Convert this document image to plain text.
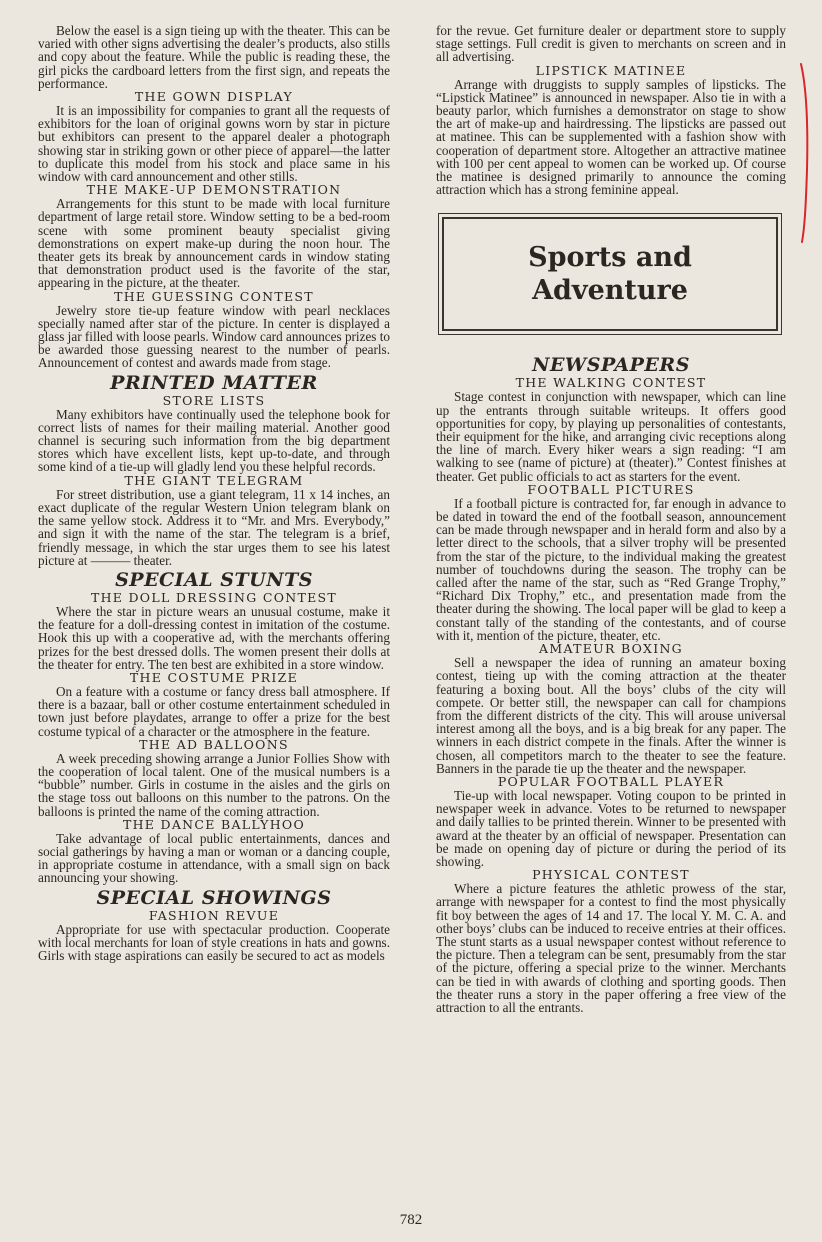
Below the easel is a sign tieing up with the theater. This can be varied with other signs advertising the dealer’s products, also stills and copy about the feature. While the public is reading these, the girl picks the cardboard letters from the first sign, and repeats the performance.

THE GOWN DISPLAY

It is an impossibility for companies to grant all the requests of exhibitors for the loan of original gowns worn by star in picture but exhibitors can present to the apparel dealer a photograph showing star in striking gown or other piece of apparel—the latter to duplicate this model from his stock and place same in his window with card announcement and other stills.

THE MAKE-UP DEMONSTRATION

Arrangements for this stunt to be made with local furniture department of large retail store. Window setting to be a bed-room scene with some prominent beauty specialist giving demonstrations on expert make-up during the noon hour. The theater gets its break by announcement cards in window stating that demonstration product used is the favorite of the star, appearing in the picture, at the theater.

THE GUESSING CONTEST

Jewelry store tie-up feature window with pearl necklaces specially named after star of the picture. In center is displayed a glass jar filled with loose pearls. Window card announces prizes to be awarded those guessing nearest to the number of pearls. Announcement of contest and awards made from stage.

PRINTED MATTER
STORE LISTS

Many exhibitors have continually used the telephone book for correct lists of names for their mailing material. Another good channel is securing such information from the big department stores which have excellent lists, kept up-to-date, and through some kind of a tie-up will gladly lend you these helpful records.

THE GIANT TELEGRAM

For street distribution, use a giant telegram, 11 x 14 inches, an exact duplicate of the regular Western Union telegram blank on the same yellow stock. Address it to “Mr. and Mrs. Everybody,” and sign it with the name of the star. The telegram is a brief, friendly message, in which the star urges them to see his latest picture at ——— theater.

SPECIAL STUNTS
THE DOLL DRESSING CONTEST

Where the star in picture wears an unusual costume, make it the feature for a doll-dressing contest in imitation of the costume. Hook this up with a cooperative ad, with the merchants offering prizes for the best dressed dolls. The women present their dolls at the theater for entry. The ten best are exhibited in a store window.

THE COSTUME PRIZE

On a feature with a costume or fancy dress ball atmosphere. If there is a bazaar, ball or other costume entertainment scheduled in town just before playdates, arrange to offer a prize for the best costume typical of a character or the atmosphere in the feature.

THE AD BALLOONS

A week preceding showing arrange a Junior Follies Show with the cooperation of local talent. One of the musical numbers is a “bubble” number. Girls in costume in the aisles and the girls on the stage toss out balloons on this number to the patrons. On the balloons is printed the name of the coming attraction.

THE DANCE BALLYHOO

Take advantage of local public entertainments, dances and social gatherings by having a man or woman or a dancing couple, in appropriate costume in attendance, with a small sign on back announcing your showing.

SPECIAL SHOWINGS
FASHION REVUE

Appropriate for use with spectacular production. Cooperate with local merchants for loan of style creations in hats and gowns. Girls with stage aspirations can easily be secured to act as models

for the revue. Get furniture dealer or department store to supply stage settings. Full credit is given to merchants on screen and in all advertising.

LIPSTICK MATINEE

Arrange with druggists to supply samples of lipsticks. The “Lipstick Matinee” is announced in newspaper. Also tie in with a beauty parlor, which furnishes a demonstrator on stage to show the art of make-up and hairdressing. The lipsticks are passed out at matinee. This can be supplemented with a fashion show with cooperation of department store. Altogether an attractive matinee with 100 per cent appeal to women can be worked up. Of course the matinee is designed primarily to announce the coming attraction which has a strong feminine appeal.

Sports and
Adventure
NEWSPAPERS
THE WALKING CONTEST

Stage contest in conjunction with newspaper, which can line up the entrants through suitable writeups. It offers good opportunities for copy, by playing up personalities of contestants, their equipment for the hike, and arranging civic receptions along the line of march. Every hiker wears a sign reading: “I am walking to see (name of picture) at (theater).” Contest finishes at theater. Get public officials to act as starters for the event.

FOOTBALL PICTURES

If a football picture is contracted for, far enough in advance to be dated in toward the end of the football season, announcement can be made through newspaper and in herald form and also by a letter direct to the schools, that a silver trophy will be presented from the star of the picture, to the individual making the greatest number of touchdowns during the season. The trophy can be called after the name of the star, such as “Red Grange Trophy,” “Richard Dix Trophy,” etc., and presentation made from the theater during the showing. The local paper will be glad to keep a constant tally of the standing of the contestants, and of course with it, mention of the picture, theater, etc.

AMATEUR BOXING

Sell a newspaper the idea of running an amateur boxing contest, tieing up with the coming attraction at the theater featuring a boxing bout. All the boys’ clubs of the city will compete. Or better still, the newspaper can call for champions from the different districts of the city. This will arouse universal interest among all the boys, and is a big break for any paper. The winners in each district compete in the finals. After the winner is chosen, all competitors march to the theater to see the feature. Banners in the parade tie up the theater and the newspaper.

POPULAR FOOTBALL PLAYER

Tie-up with local newspaper. Voting coupon to be printed in newspaper week in advance. Votes to be returned to newspaper and daily tallies to be printed therein. Winner to be presented with award at the theater by an official of newspaper. Presentation can be made on opening day of picture or during the period of its showing.

PHYSICAL CONTEST

Where a picture features the athletic prowess of the star, arrange with newspaper for a contest to find the most physically fit boy between the ages of 14 and 17. The local Y. M. C. A. and other boys’ clubs can be induced to receive entries at their offices. The stunt starts as a usual newspaper contest without reference to the picture. Then a telegram can be sent, presumably from the star of the picture, offering a special prize to the winner. Merchants can be tied in with awards of clothing and sporting goods. Then the theater runs a story in the paper offering a free view of the attraction to all the entrants.

782
